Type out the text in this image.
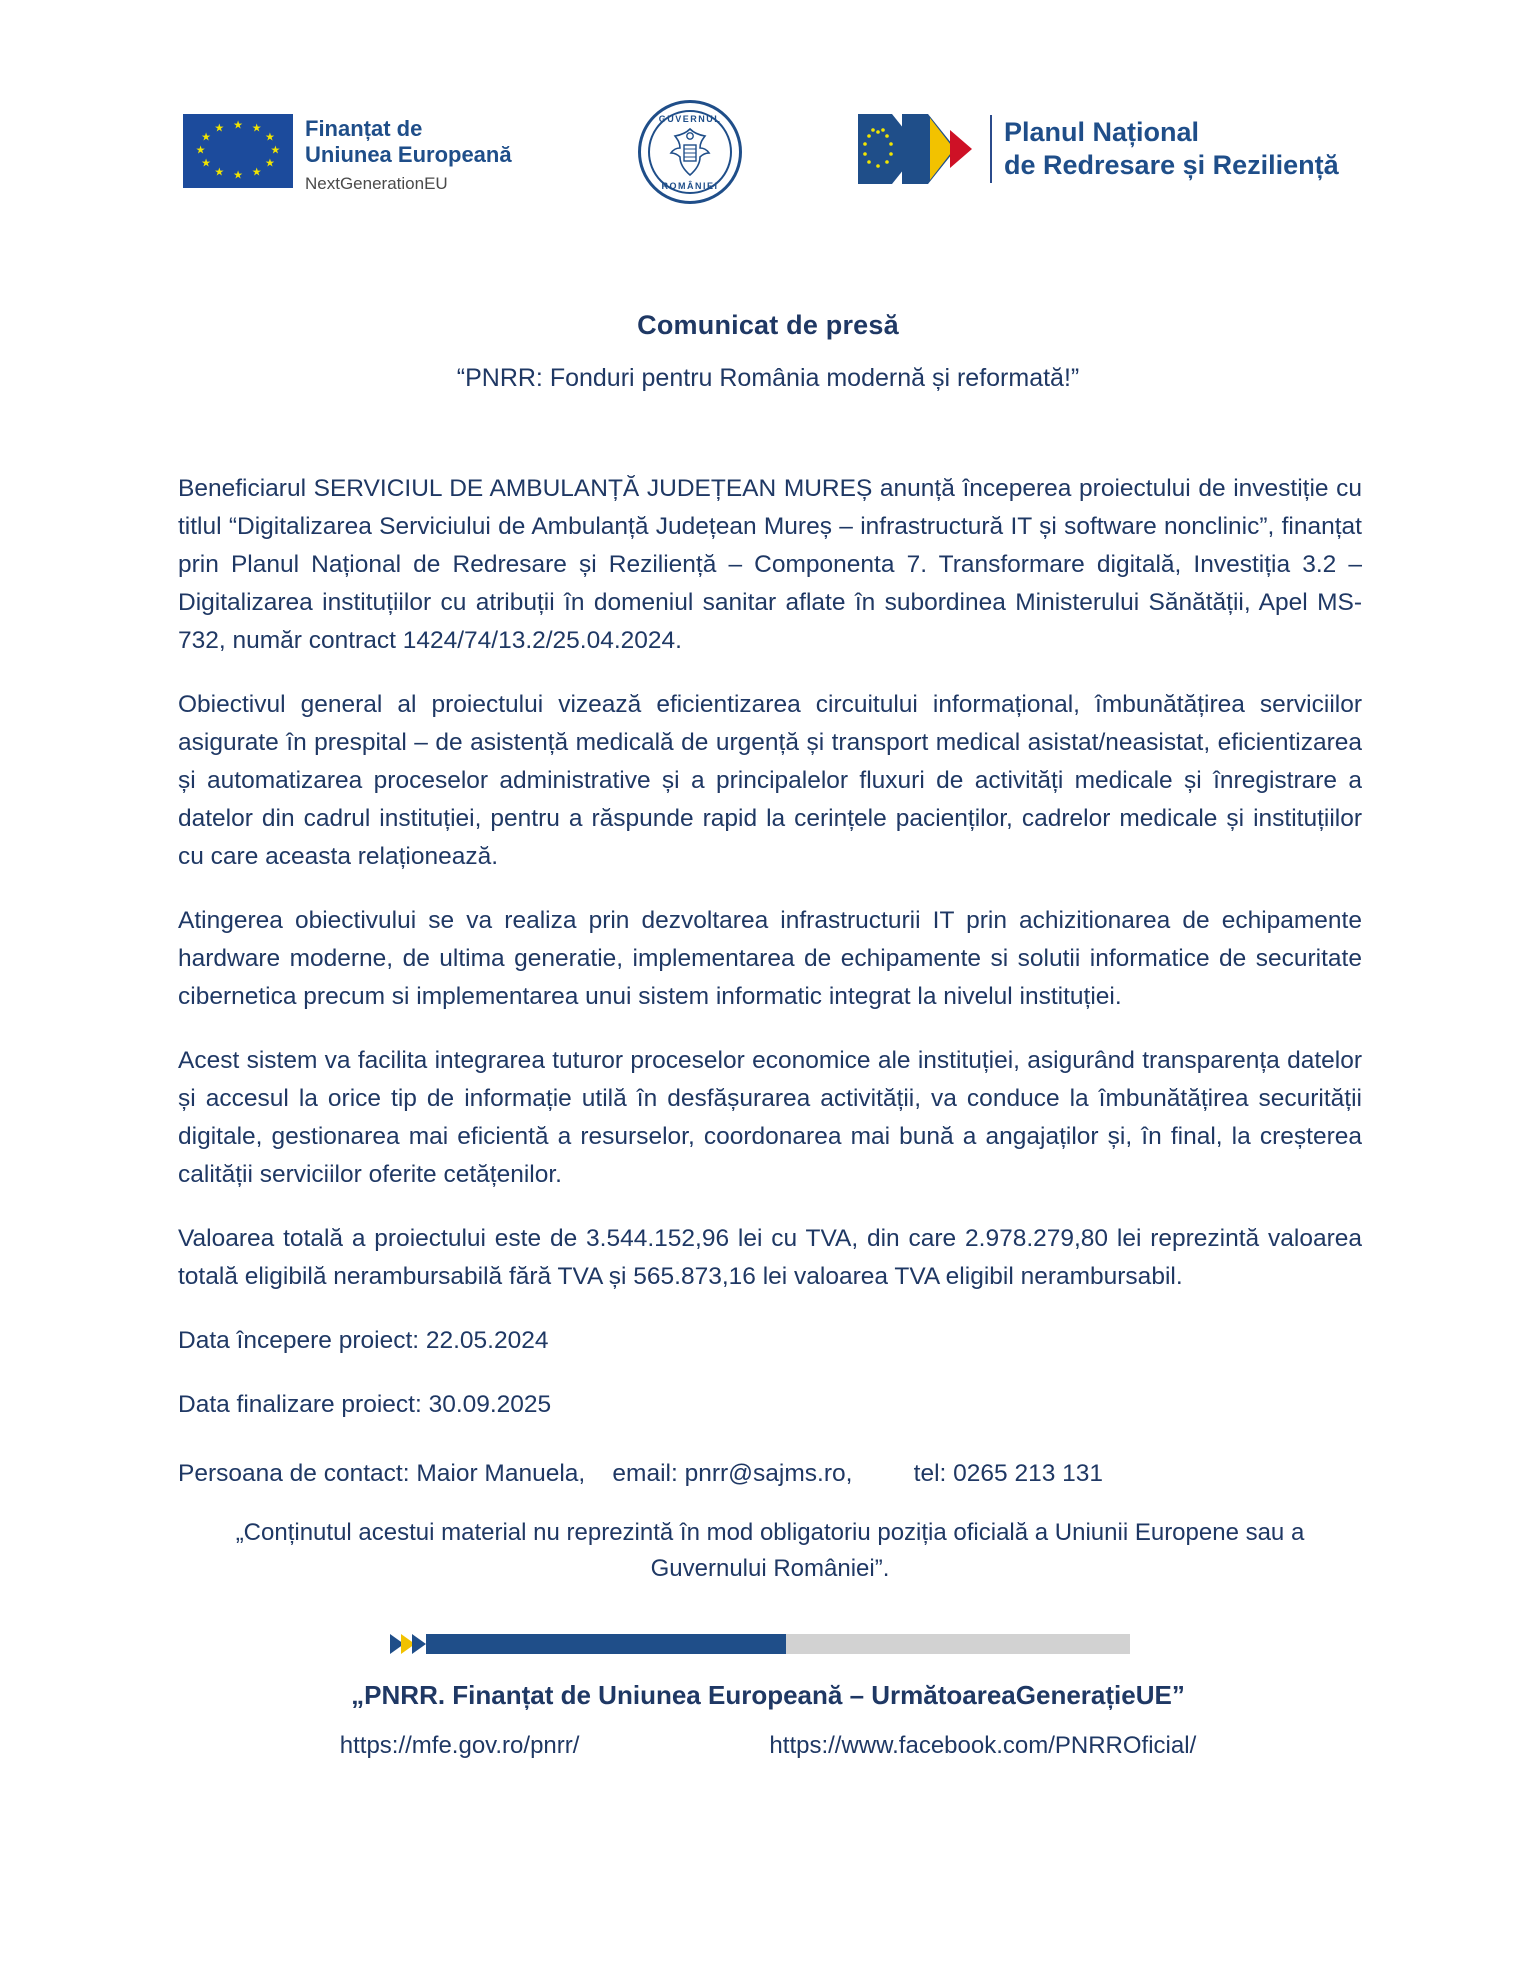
★ ★
★
★
★
★
★
★
★
★
★
★	Finanțat de
Uniunea Europeană
NextGenerationEU
GUVERNUL
ROMÂNIEI
Planul Național
de Redresare și Reziliență
Comunicat de presă
“PNRR: Fonduri pentru România modernă și reformată!”

Beneficiarul SERVICIUL DE AMBULANȚĂ JUDEȚEAN MUREȘ anunță începerea proiectului de investiție cu titlul “Digitalizarea Serviciului de Ambulanță Județean Mureș – infrastructură IT și software nonclinic”, finanțat prin Planul Național de Redresare și Reziliență – Componenta 7. Transformare digitală, Investiția 3.2 – Digitalizarea instituțiilor cu atribuții în domeniul sanitar aflate în subordinea Ministerului Sănătății, Apel MS-732, număr contract 1424/74/13.2/25.04.2024.

Obiectivul general al proiectului vizează eficientizarea circuitului informațional, îmbunătățirea serviciilor asigurate în prespital – de asistență medicală de urgență și transport medical asistat/neasistat, eficientizarea și automatizarea proceselor administrative și a principalelor fluxuri de activități medicale și înregistrare a datelor din cadrul instituției, pentru a răspunde rapid la cerințele pacienților, cadrelor medicale și instituțiilor cu care aceasta relaționează.

Atingerea obiectivului se va realiza prin dezvoltarea infrastructurii IT prin achizitionarea de echipamente hardware moderne, de ultima generatie, implementarea de echipamente si solutii informatice de securitate cibernetica precum si implementarea unui sistem informatic integrat la nivelul instituției.

Acest sistem va facilita integrarea tuturor proceselor economice ale instituției, asigurând transparența datelor și accesul la orice tip de informație utilă în desfășurarea activității, va conduce la îmbunătățirea securității digitale, gestionarea mai eficientă a resurselor, coordonarea mai bună a angajaților și, în final, la creșterea calității serviciilor oferite cetățenilor.

Valoarea totală a proiectului este de 3.544.152,96 lei cu TVA, din care 2.978.279,80 lei reprezintă valoarea totală eligibilă nerambursabilă fără TVA și 565.873,16 lei valoarea TVA eligibil nerambursabil.

Data începere proiect: 22.05.2024

Data finalizare proiect: 30.09.2025

Persoana de contact: Maior Manuela,    email: pnrr@sajms.ro,         tel: 0265 213 131
„Conținutul acestui material nu reprezintă în mod obligatoriu poziția oficială a Uniunii Europene sau a Guvernului României”.
„PNRR. Finanțat de Uniunea Europeană – UrmătoareaGenerațieUE”
https://mfe.gov.ro/pnrr/	https://www.facebook.com/PNRROficial/
